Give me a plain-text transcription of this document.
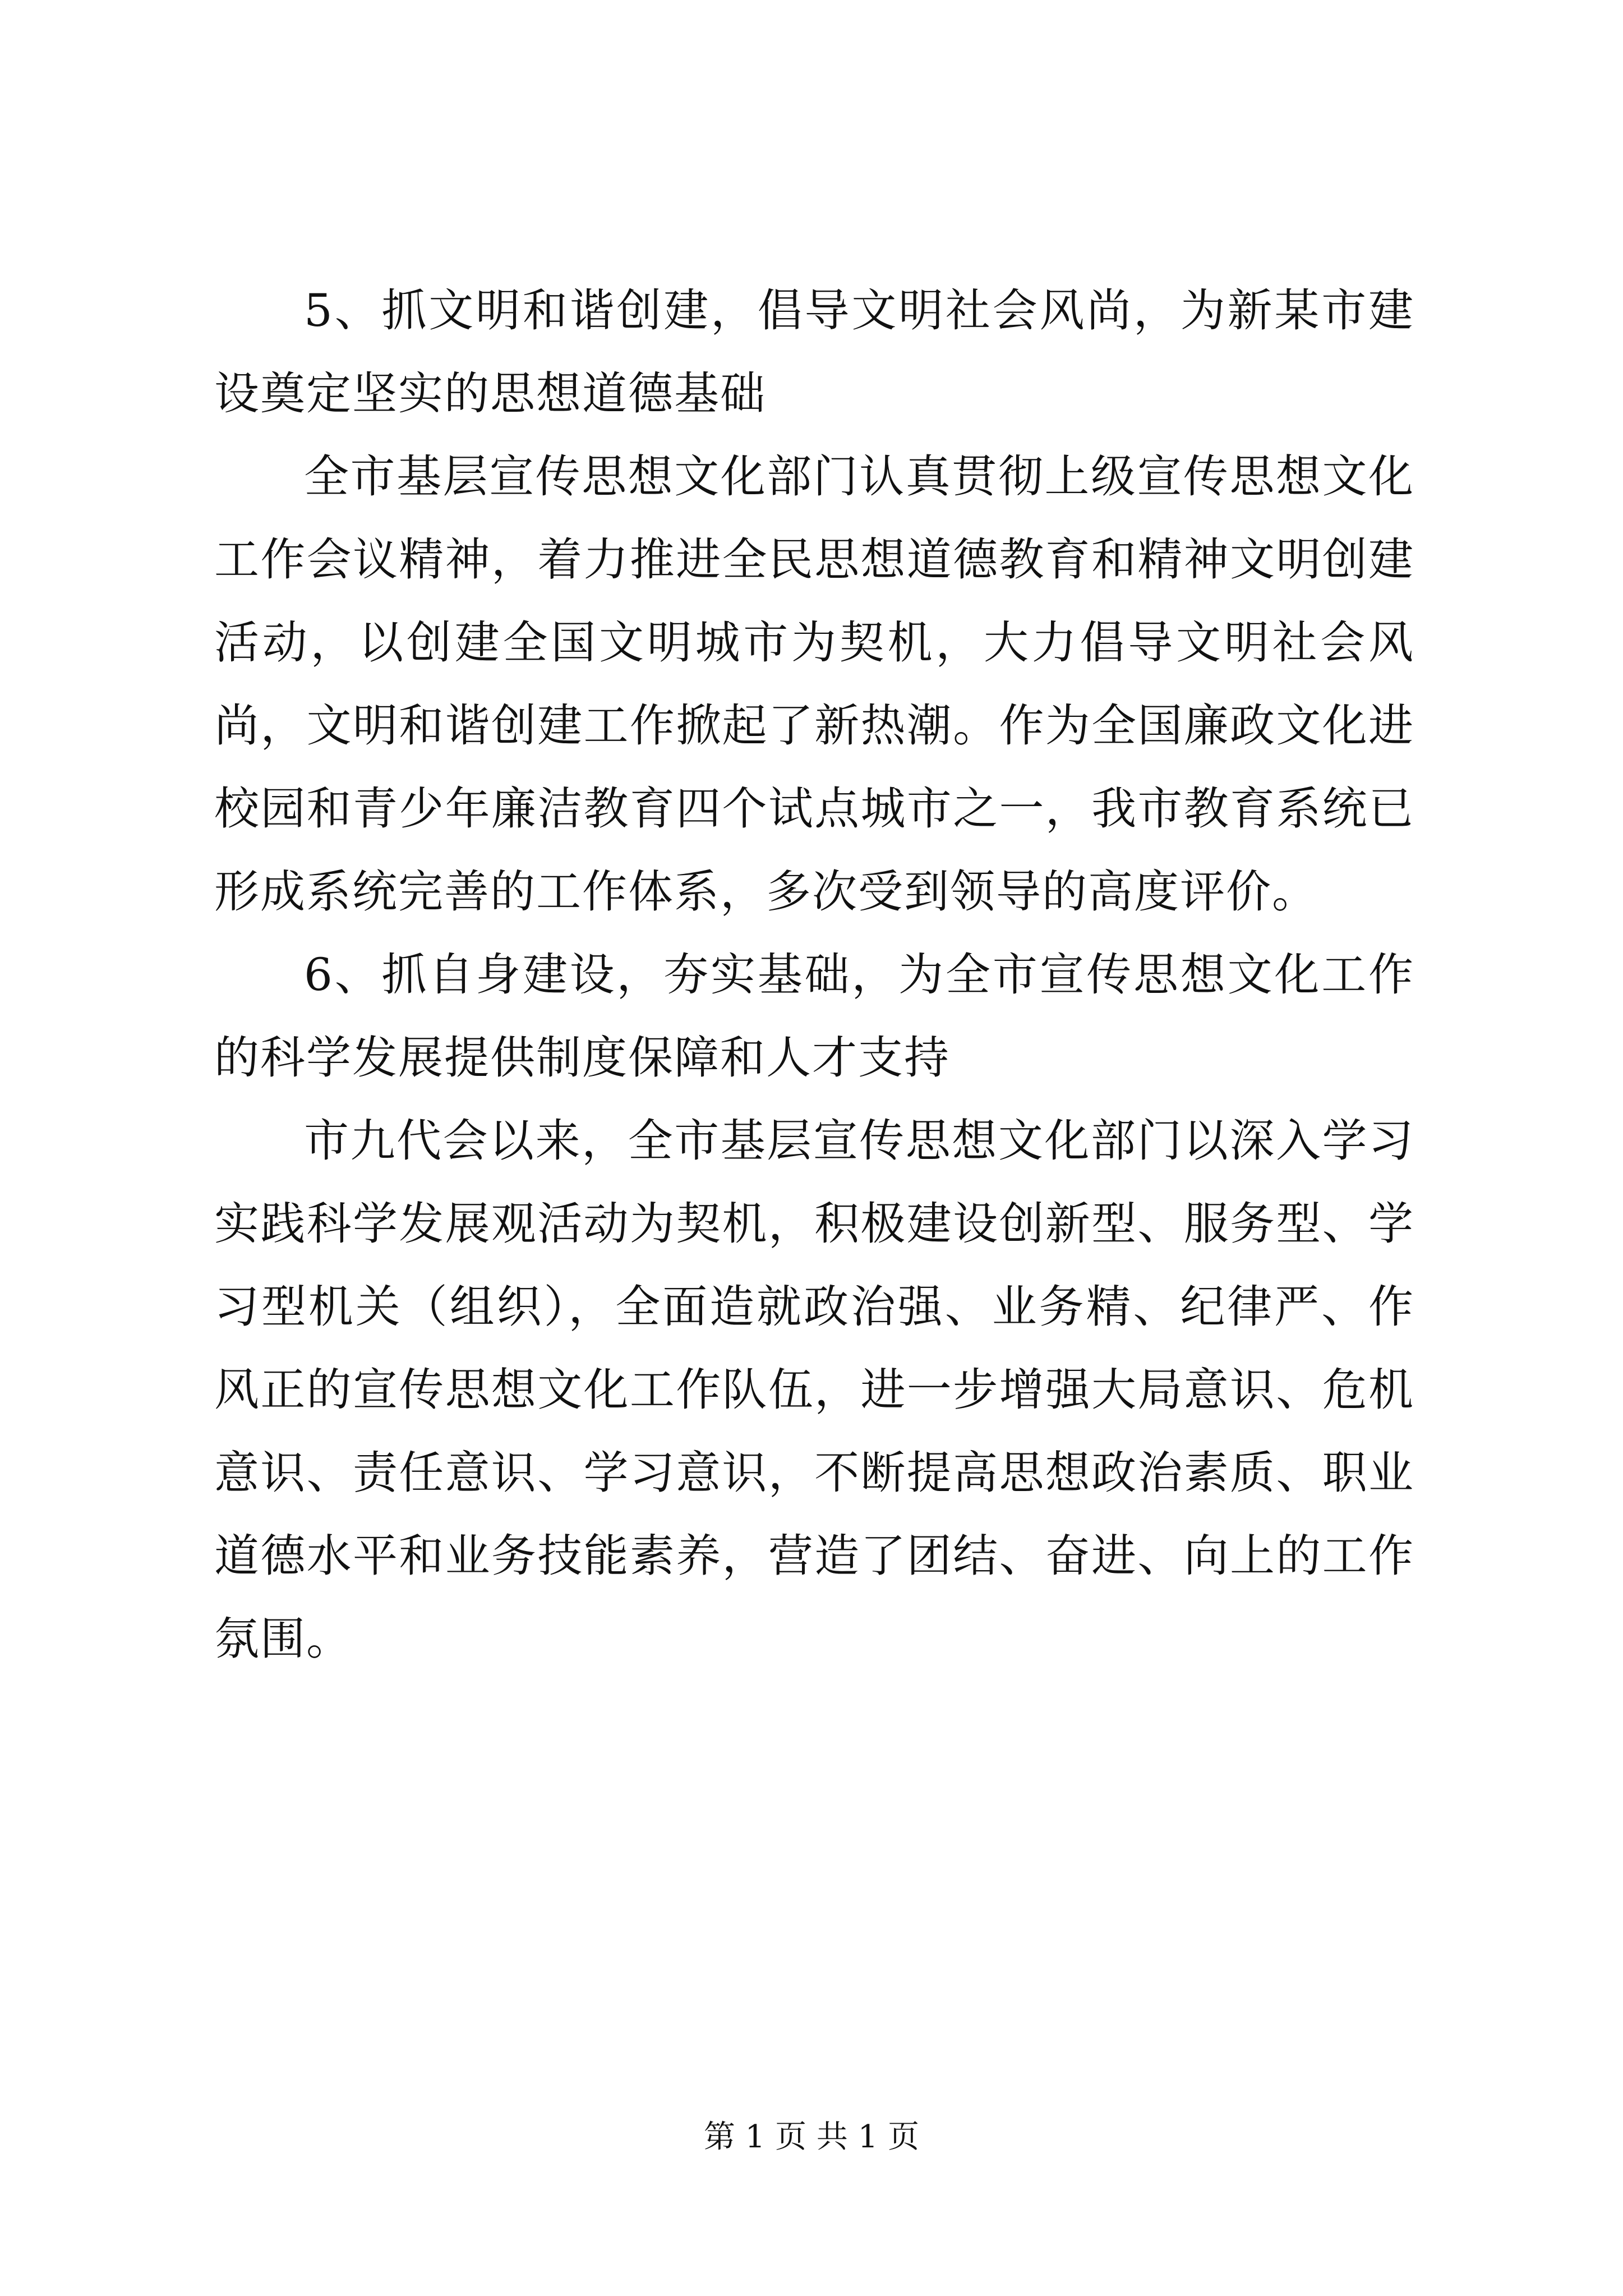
5、抓文明和谐创建，倡导文明社会风尚，为新某市建设奠定坚实的思想道德基础

全市基层宣传思想文化部门认真贯彻上级宣传思想文化工作会议精神，着力推进全民思想道德教育和精神文明创建活动，以创建全国文明城市为契机，大力倡导文明社会风尚，文明和谐创建工作掀起了新热潮。作为全国廉政文化进校园和青少年廉洁教育四个试点城市之一，我市教育系统已形成系统完善的工作体系，多次受到领导的高度评价。

6、抓自身建设，夯实基础，为全市宣传思想文化工作的科学发展提供制度保障和人才支持

市九代会以来，全市基层宣传思想文化部门以深入学习实践科学发展观活动为契机，积极建设创新型、服务型、学习型机关（组织），全面造就政治强、业务精、纪律严、作风正的宣传思想文化工作队伍，进一步增强大局意识、危机意识、责任意识、学习意识，不断提高思想政治素质、职业道德水平和业务技能素养，营造了团结、奋进、向上的工作氛围。

第 1 页 共 1 页
